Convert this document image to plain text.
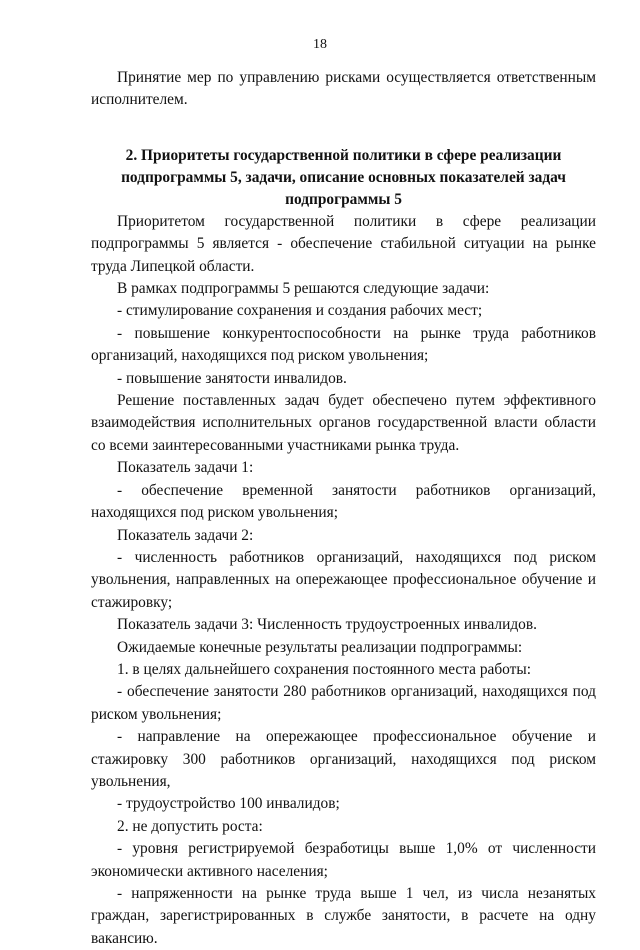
18

Принятие мер по управлению рисками осуществляется ответственным исполнителем.

2. Приоритеты государственной политики в сфере реализации подпрограммы 5, задачи, описание основных показателей задач подпрограммы 5

Приоритетом государственной политики в сфере реализации подпрограммы 5 является - обеспечение стабильной ситуации на рынке труда Липецкой области.

В рамках подпрограммы 5 решаются следующие задачи:

- стимулирование сохранения и создания рабочих мест;

- повышение конкурентоспособности на рынке труда работников организаций, находящихся под риском увольнения;

- повышение занятости инвалидов.

Решение поставленных задач будет обеспечено путем эффективного взаимодействия исполнительных органов государственной власти области со всеми заинтересованными участниками рынка труда.

Показатель задачи 1:

- обеспечение временной занятости работников организаций, находящихся под риском увольнения;

Показатель задачи 2:

- численность работников организаций, находящихся под риском увольнения, направленных на опережающее профессиональное обучение и стажировку;

Показатель задачи 3: Численность трудоустроенных инвалидов.

Ожидаемые конечные результаты реализации подпрограммы:

1. в целях дальнейшего сохранения постоянного места работы:

- обеспечение занятости 280 работников организаций, находящихся под риском увольнения;

- направление на опережающее профессиональное обучение и стажировку 300 работников организаций, находящихся под риском увольнения,

- трудоустройство 100 инвалидов;

2. не допустить роста:

- уровня регистрируемой безработицы выше 1,0% от численности экономически активного населения;

- напряженности на рынке труда выше 1 чел, из числа незанятых граждан, зарегистрированных в службе занятости, в расчете на одну вакансию.
